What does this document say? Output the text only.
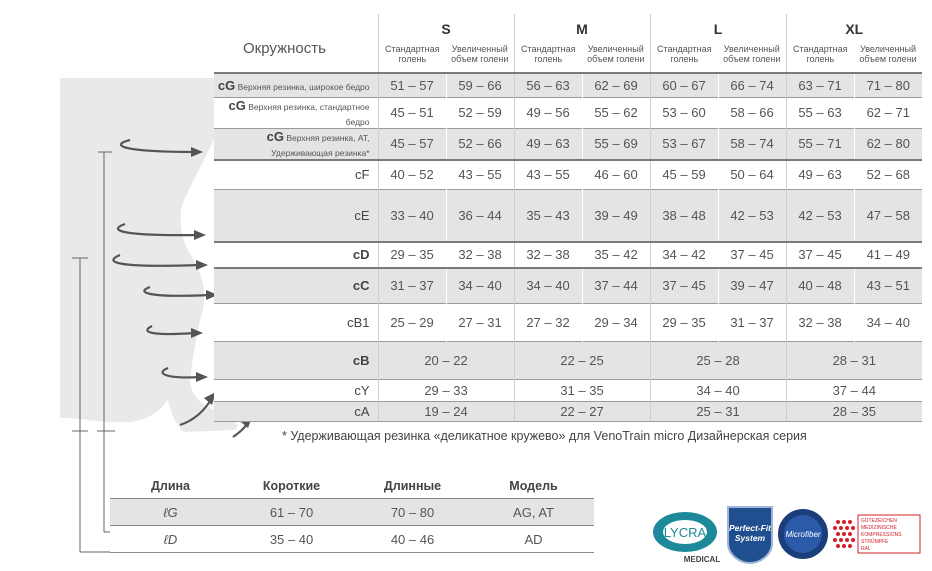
Окружность
	S		M		L		XL	
	Стандартная голень	Увеличенный объем голени	Стандартная голень	Увеличенный объем голени	Стандартная голень	Увеличенный объем голени	Стандартная голень	Увеличенный объем голени
cG Верхняя резинка, широкое бедро	51 – 57	59 – 66	56 – 63	62 – 69	60 – 67	66 – 74	63 – 71	71 – 80
cG Верхняя резинка, стандартное бедро	45 – 51	52 – 59	49 – 56	55 – 62	53 – 60	58 – 66	55 – 63	62 – 71
cG Верхняя резинка, AT, Удерживающая резинка*	45 – 57	52 – 66	49 – 63	55 – 69	53 – 67	58 – 74	55 – 71	62 – 80
cF	40 – 52	43 – 55	43 – 55	46 – 60	45 – 59	50 – 64	49 – 63	52 – 68
cE	33 – 40	36 – 44	35 – 43	39 – 49	38 – 48	42 – 53	42 – 53	47 – 58
cD	29 – 35	32 – 38	32 – 38	35 – 42	34 – 42	37 – 45	37 – 45	41 – 49
cC	31 – 37	34 – 40	34 – 40	37 – 44	37 – 45	39 – 47	40 – 48	43 – 51
cB1	25 – 29	27 – 31	27 – 32	29 – 34	29 – 35	31 – 37	32 – 38	34 – 40
cB	20 – 22		22 – 25		25 – 28		28 – 31	
cY	29 – 33		31 – 35		34 – 40		37 – 44	
cA	19 – 24		22 – 27		25 – 31		28 – 35	
* Удерживающая резинка «деликатное кружево» для VenoTrain micro Дизайнерская серия
Длина	Короткие	Длинные	Модель
ℓG	61 – 70	70 – 80	AG, AT
ℓD	35 – 40	40 – 46	AD	LYCRA
MEDICAL
Perfect-Fit
System	Microfiber
GÜTEZEICHEN
MEDIZINISCHE
KOMPRESSIONS
STRÜMPFE
RAL
